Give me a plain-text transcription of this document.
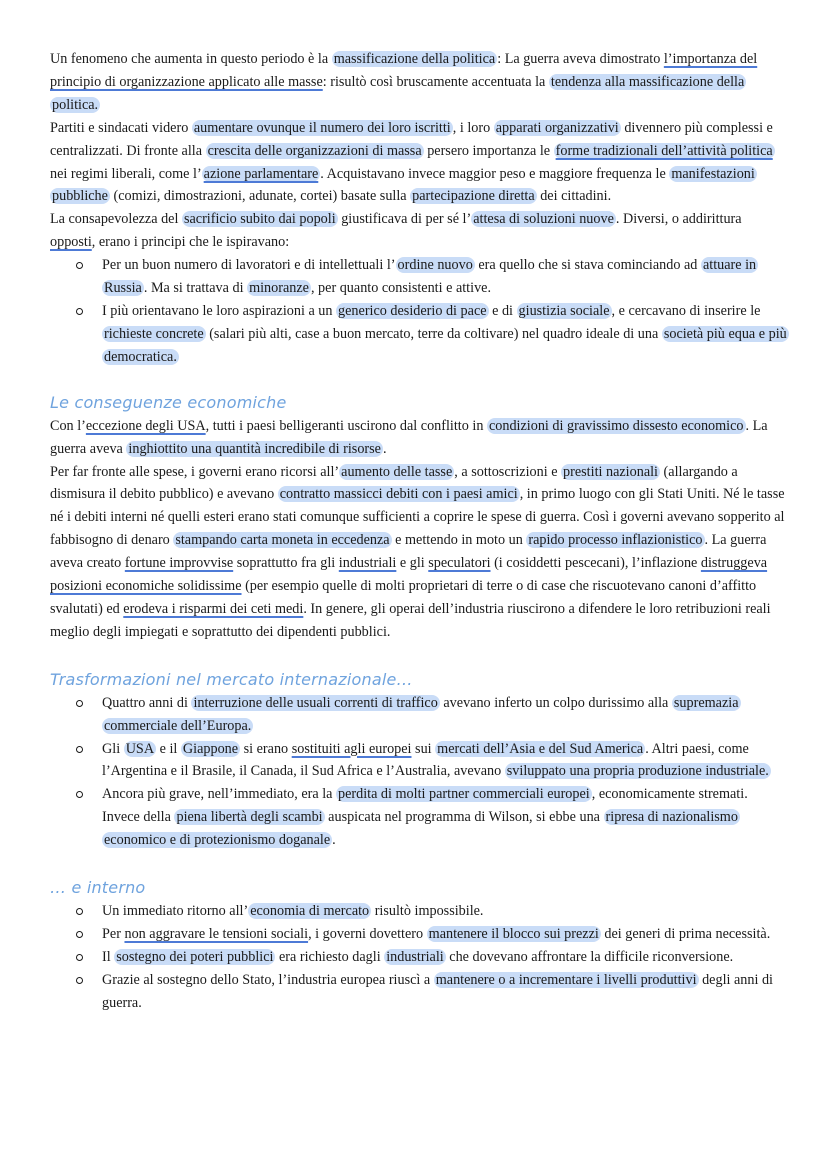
Un fenomeno che aumenta in questo periodo è la massificazione della politica : La guerra aveva dimostrato l’importanza del principio di organizzazione applicato alle masse: risultò così bruscamente accentuata la tendenza alla massificazione della politica.

Partiti e sindacati videro aumentare ovunque il numero dei loro iscritti , i loro apparati organizzativi divennero più complessi e centralizzati. Di fronte alla crescita delle organizzazioni di massa persero importanza le forme tradizionali dell’attività politica nei regimi liberali, come l’ azione parlamentare . Acquistavano invece maggior peso e maggiore frequenza le manifestazioni pubbliche (comizi, dimostrazioni, adunate, cortei) basate sulla partecipazione diretta dei cittadini.

La consapevolezza del sacrificio subito dai popoli giustificava di per sé l’ attesa di soluzioni nuove . Diversi, o addirittura opposti, erano i principi che le ispiravano:

Per un buon numero di lavoratori e di intellettuali l’ ordine nuovo era quello che si stava cominciando ad attuare in Russia . Ma si trattava di minoranze , per quanto consistenti e attive.
I più orientavano le loro aspirazioni a un generico desiderio di pace e di giustizia sociale , e cercavano di inserire le richieste concrete (salari più alti, case a buon mercato, terre da coltivare) nel quadro ideale di una società più equa e più democratica.
Le conseguenze economiche

Con l’eccezione degli USA, tutti i paesi belligeranti uscirono dal conflitto in condizioni di gravissimo dissesto economico . La guerra aveva inghiottito una quantità incredibile di risorse .

Per far fronte alle spese, i governi erano ricorsi all’ aumento delle tasse , a sottoscrizioni e prestiti nazionali (allargando a dismisura il debito pubblico) e avevano contratto massicci debiti con i paesi amici , in primo luogo con gli Stati Uniti. Né le tasse né i debiti interni né quelli esteri erano stati comunque sufficienti a coprire le spese di guerra. Così i governi avevano sopperito al fabbisogno di denaro stampando carta moneta in eccedenza e mettendo in moto un rapido processo inflazionistico . La guerra aveva creato fortune improvvise soprattutto fra gli industriali e gli speculatori (i cosiddetti pescecani), l’inflazione distruggeva posizioni economiche solidissime (per esempio quelle di molti proprietari di terre o di case che riscuotevano canoni d’affitto svalutati) ed erodeva i risparmi dei ceti medi. In genere, gli operai dell’industria riuscirono a difendere le loro retribuzioni reali meglio degli impiegati e soprattutto dei dipendenti pubblici.

Trasformazioni nel mercato internazionale…
Quattro anni di interruzione delle usuali correnti di traffico avevano inferto un colpo durissimo alla supremazia commerciale dell’Europa.
Gli USA e il Giappone si erano sostituiti agli europei sui mercati dell’Asia e del Sud America . Altri paesi, come l’Argentina e il Brasile, il Canada, il Sud Africa e l’Australia, avevano sviluppato una propria produzione industriale.
Ancora più grave, nell’immediato, era la perdita di molti partner commerciali europei , economicamente stremati. Invece della piena libertà degli scambi auspicata nel programma di Wilson, si ebbe una ripresa di nazionalismo economico e di protezionismo doganale .
… e interno
Un immediato ritorno all’ economia di mercato risultò impossibile.
Per non aggravare le tensioni sociali, i governi dovettero mantenere il blocco sui prezzi dei generi di prima necessità.
Il sostegno dei poteri pubblici era richiesto dagli industriali che dovevano affrontare la difficile riconversione.
Grazie al sostegno dello Stato, l’industria europea riuscì a mantenere o a incrementare i livelli produttivi degli anni di guerra.
